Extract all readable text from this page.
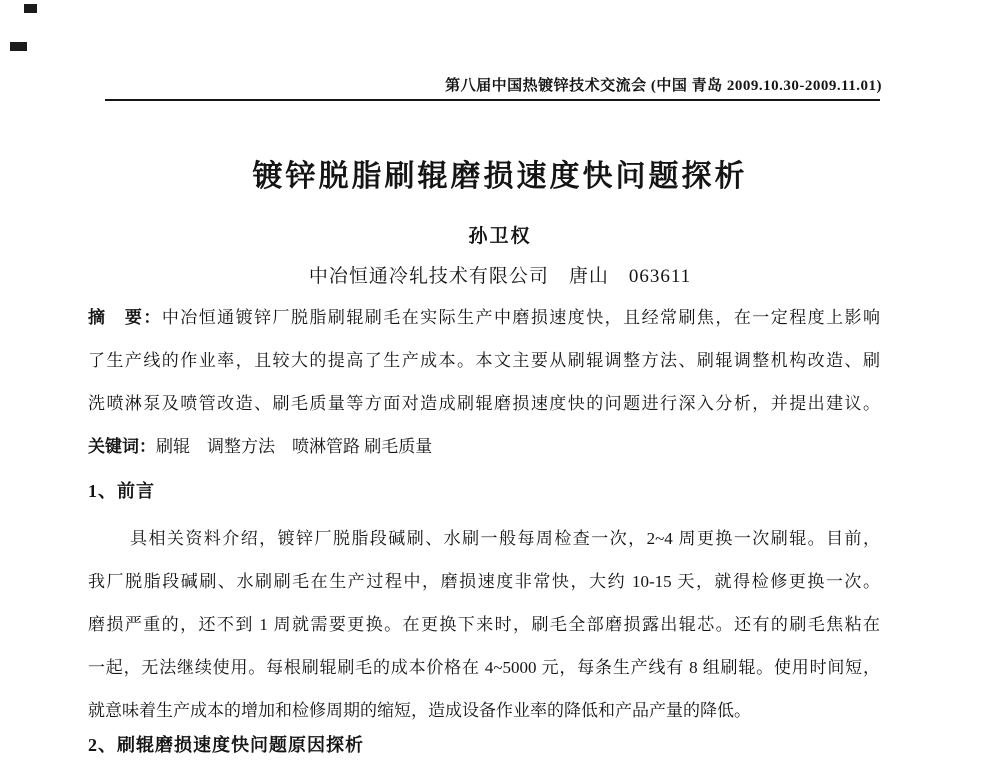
第八届中国热镀锌技术交流会 (中国 青岛 2009.10.30-2009.11.01)
镀锌脱脂刷辊磨损速度快问题探析
孙卫权
中冶恒通冷轧技术有限公司　唐山　063611
摘　要：中冶恒通镀锌厂脱脂刷辊刷毛在实际生产中磨损速度快，且经常刷焦，在一定程度上影响
了生产线的作业率，且较大的提高了生产成本。本文主要从刷辊调整方法、刷辊调整机构改造、刷
洗喷淋泵及喷管改造、刷毛质量等方面对造成刷辊磨损速度快的问题进行深入分析，并提出建议。
关键词：刷辊　调整方法　喷淋管路 刷毛质量
1、前言
具相关资料介绍，镀锌厂脱脂段碱刷、水刷一般每周检查一次，2~4 周更换一次刷辊。目前，
我厂脱脂段碱刷、水刷刷毛在生产过程中，磨损速度非常快，大约 10-15 天，就得检修更换一次。
磨损严重的，还不到 1 周就需要更换。在更换下来时，刷毛全部磨损露出辊芯。还有的刷毛焦粘在
一起，无法继续使用。每根刷辊刷毛的成本价格在 4~5000 元，每条生产线有 8 组刷辊。使用时间短，
就意味着生产成本的增加和检修周期的缩短，造成设备作业率的降低和产品产量的降低。
2、刷辊磨损速度快问题原因探析
